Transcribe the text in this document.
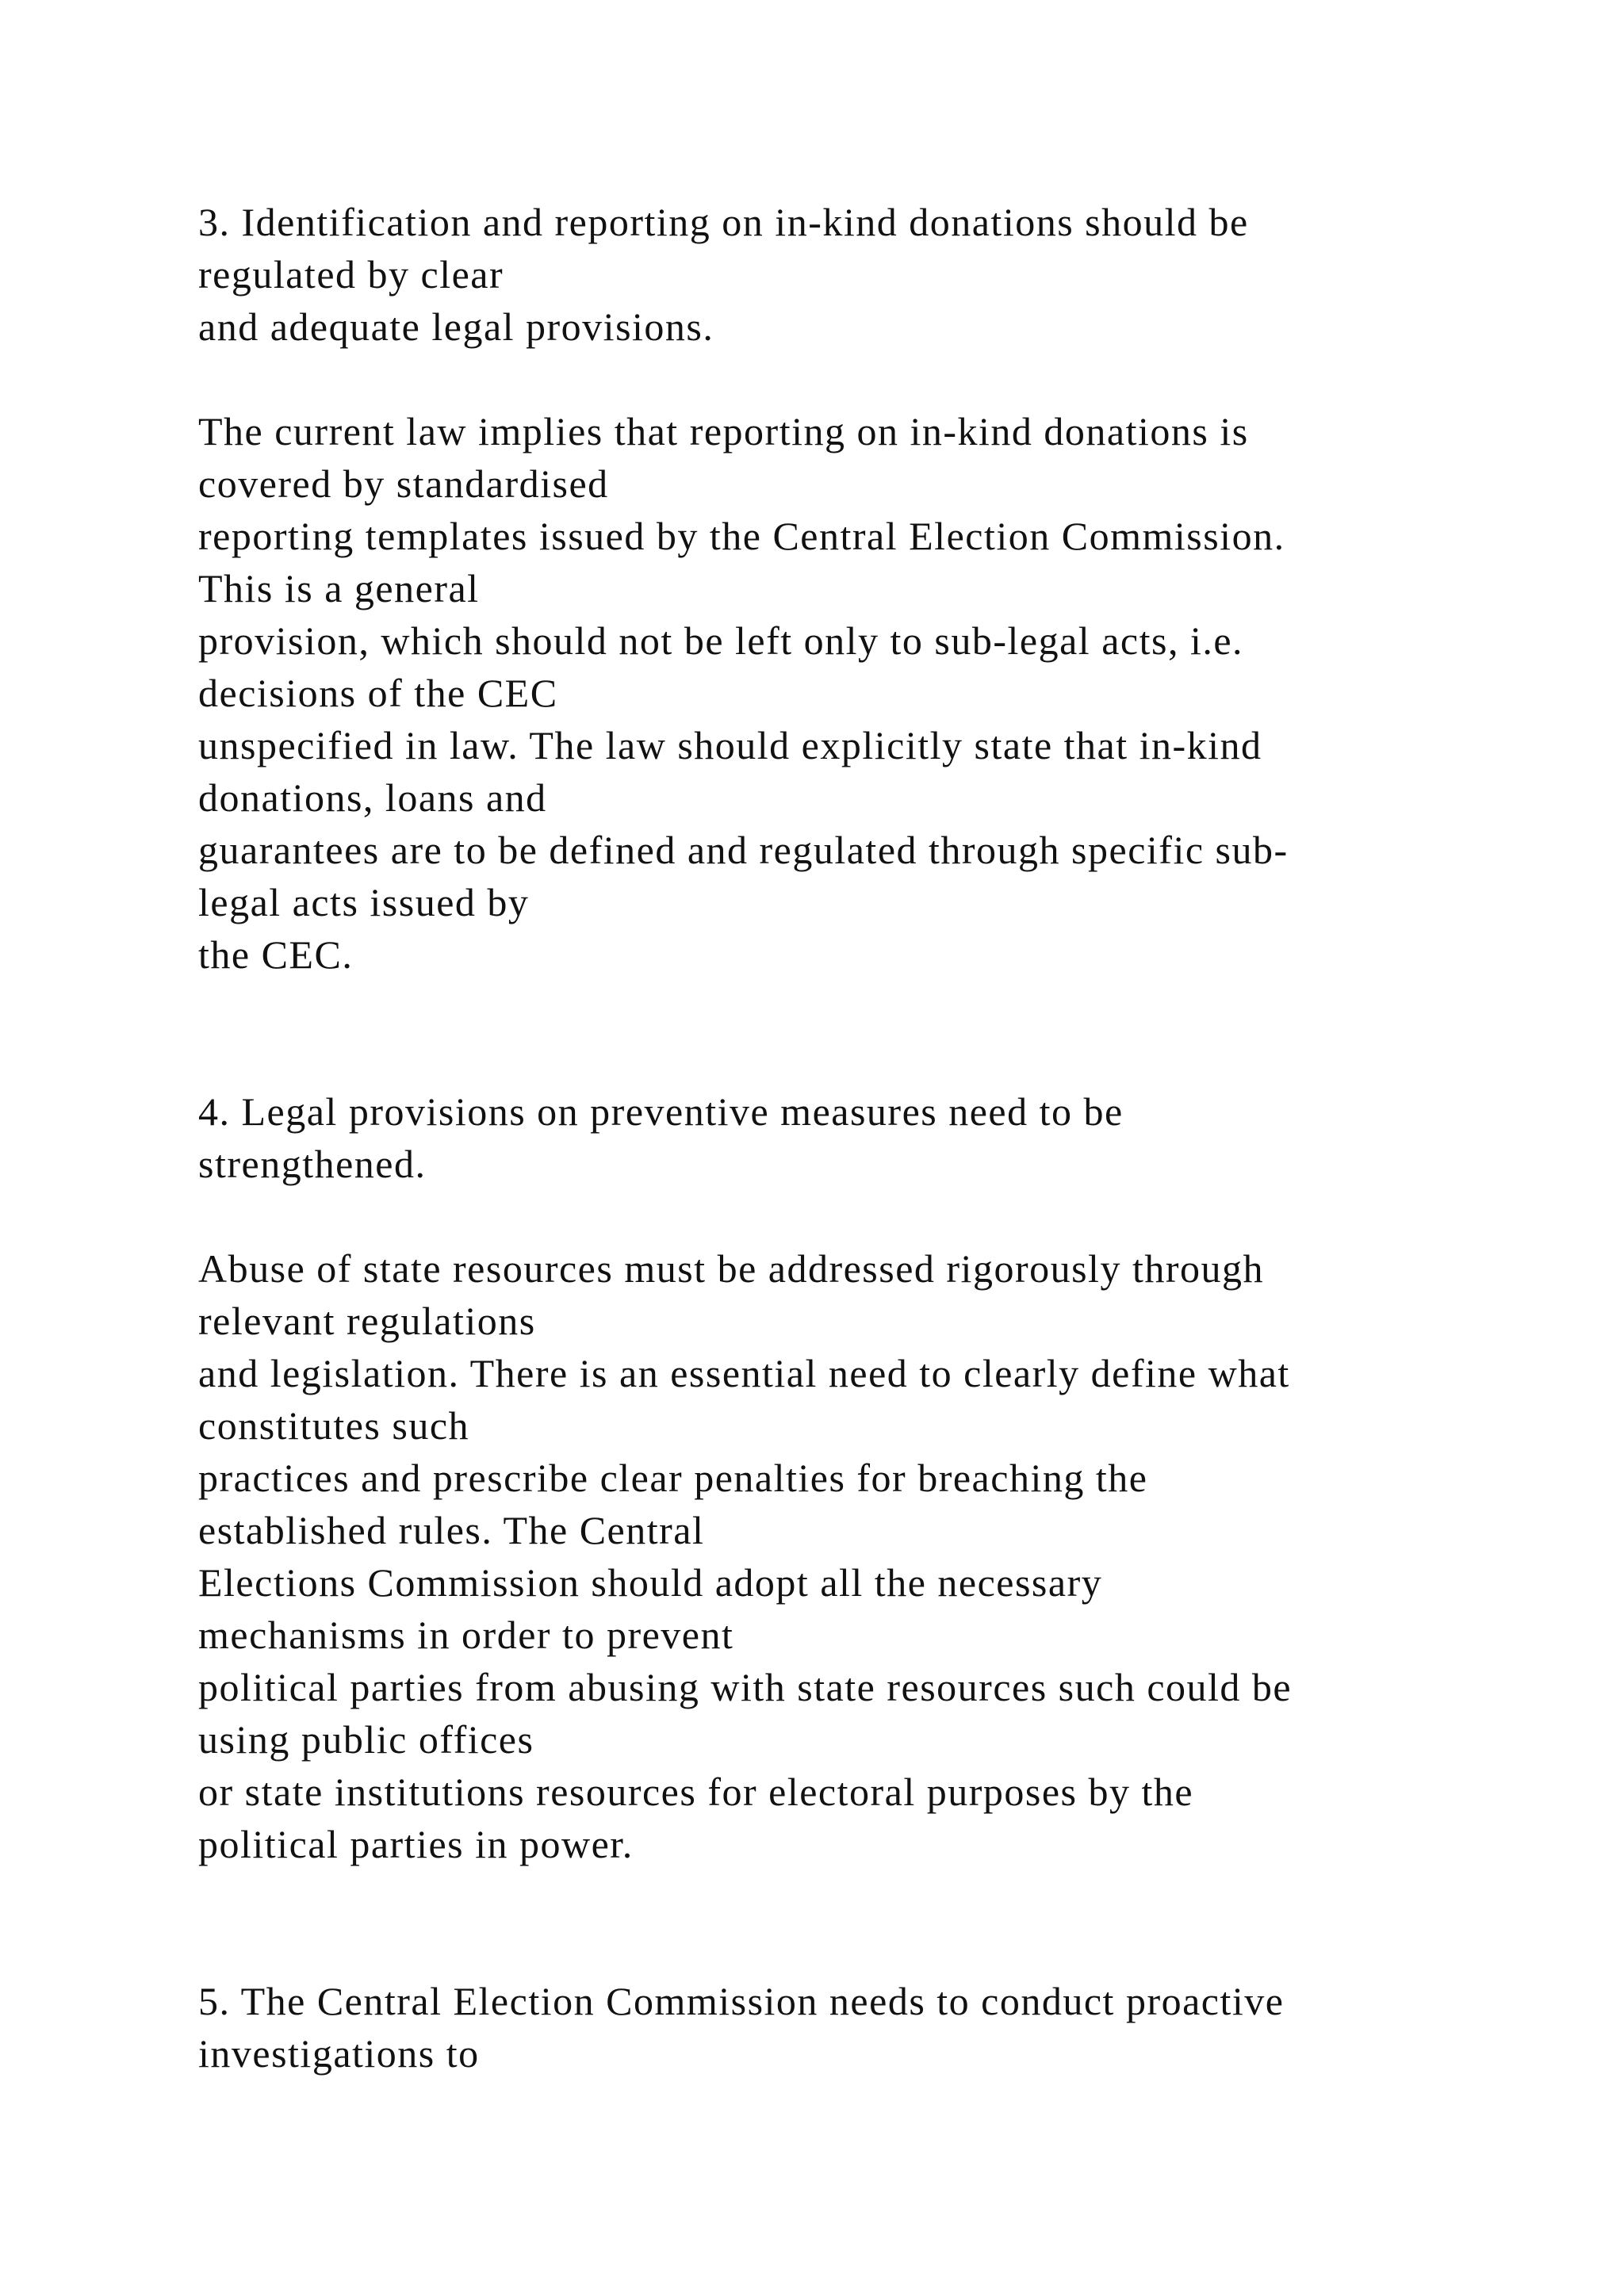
3. Identification and reporting on in-kind donations should be
regulated by clear
and adequate legal provisions.
The current law implies that reporting on in-kind donations is
covered by standardised
reporting templates issued by the Central Election Commission.
This is a general
provision, which should not be left only to sub-legal acts, i.e.
decisions of the CEC
unspecified in law. The law should explicitly state that in-kind
donations, loans and
guarantees are to be defined and regulated through specific sub-
legal acts issued by
the CEC.
4. Legal provisions on preventive measures need to be
strengthened.
Abuse of state resources must be addressed rigorously through
relevant regulations
and legislation. There is an essential need to clearly define what
constitutes such
practices and prescribe clear penalties for breaching the
established rules. The Central
Elections Commission should adopt all the necessary
mechanisms in order to prevent
political parties from abusing with state resources such could be
using public offices
or state institutions resources for electoral purposes by the
political parties in power.
5. The Central Election Commission needs to conduct proactive
investigations to
